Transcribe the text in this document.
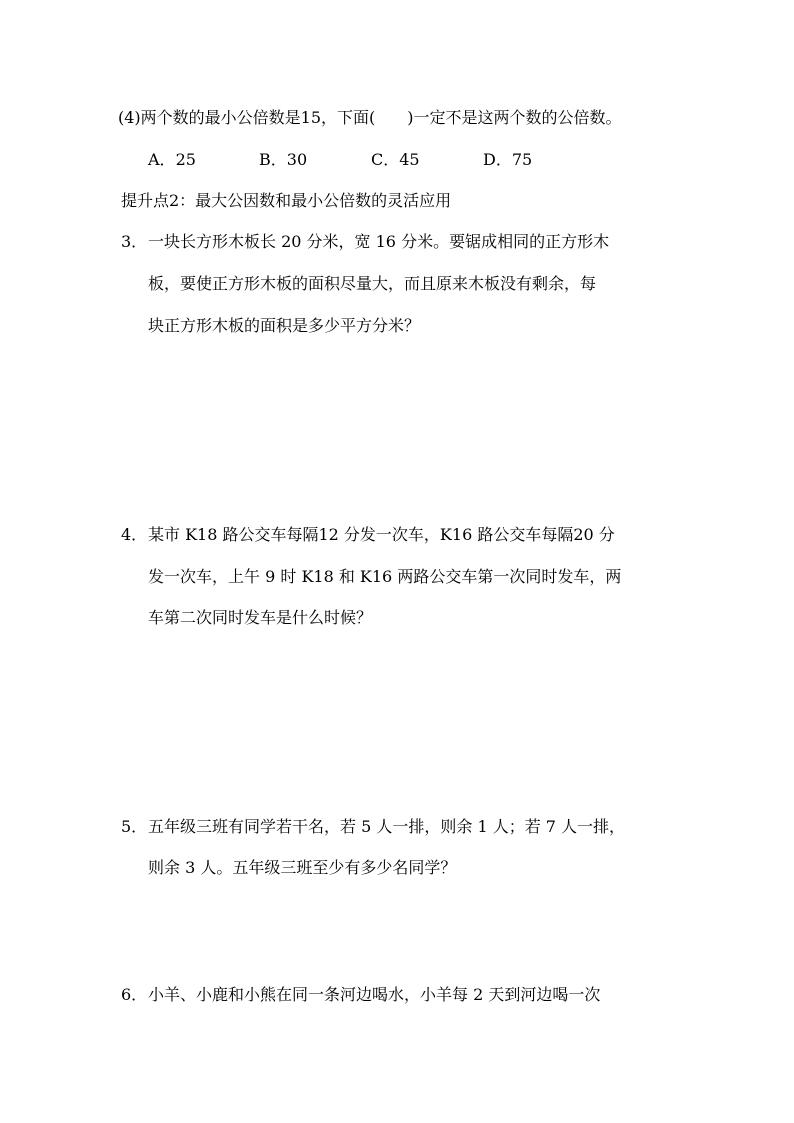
(4)两个数的最小公倍数是15，下面(　　)一定不是这两个数的公倍数。
A．25	B．30	C．45	D．75
提升点2：最大公因数和最小公倍数的灵活应用
3． 一块长方形木板长 20 分米，宽 16 分米。要锯成相同的正方形木
板，要使正方形木板的面积尽量大，而且原来木板没有剩余，每
块正方形木板的面积是多少平方分米？
4． 某市 K18 路公交车每隔12 分发一次车，K16 路公交车每隔20 分
发一次车，上午 9 时 K18 和 K16 两路公交车第一次同时发车，两
车第二次同时发车是什么时候？
5． 五年级三班有同学若干名，若 5 人一排，则余 1 人；若 7 人一排，
则余 3 人。五年级三班至少有多少名同学？
6． 小羊、小鹿和小熊在同一条河边喝水，小羊每 2 天到河边喝一次
